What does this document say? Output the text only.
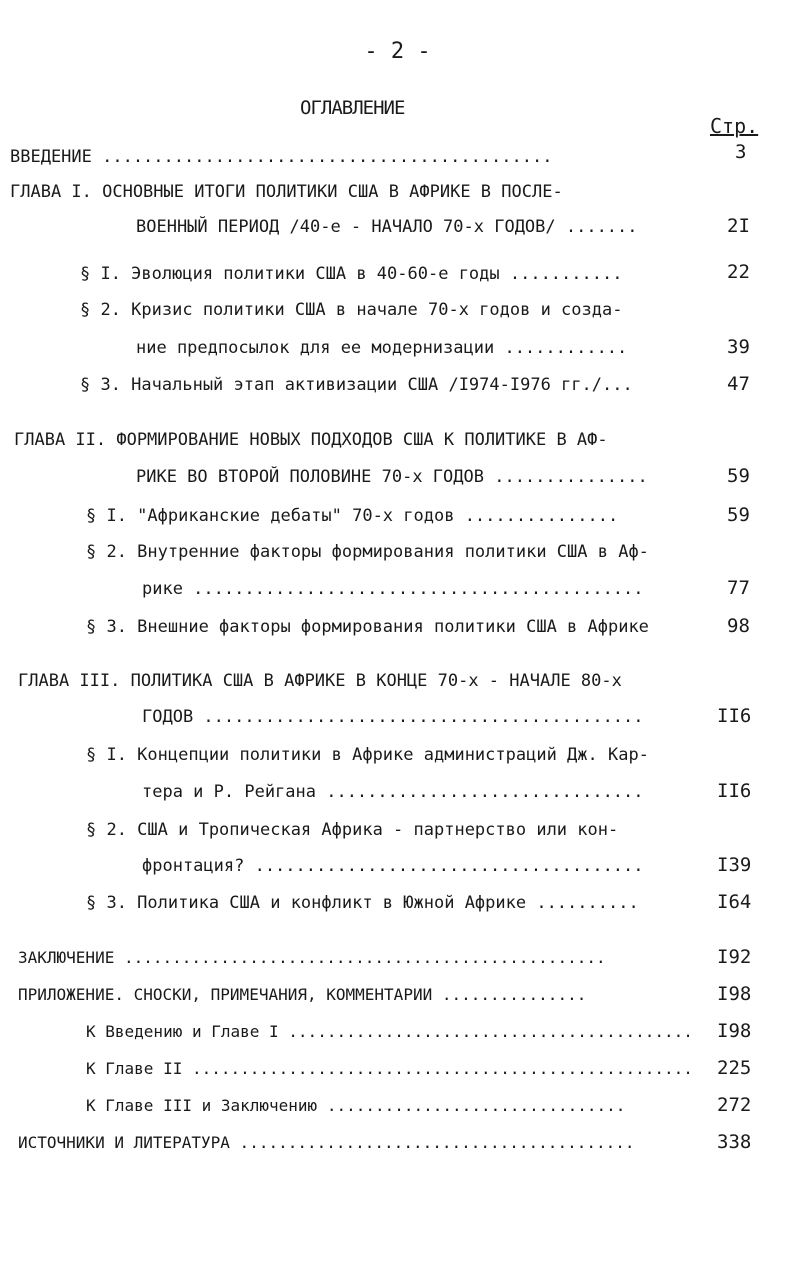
- 2 -
ОГЛАВЛЕНИЕ
Стр.
ВВЕДЕНИЕ ............................................	3
ГЛАВА I. ОСНОВНЫЕ ИТОГИ ПОЛИТИКИ США В АФРИКЕ В ПОСЛЕ-
ВОЕННЫЙ ПЕРИОД /40-е - НАЧАЛО 70-х ГОДОВ/ .......	2I
§ I. Эволюция политики США в 40-60-е годы ...........	22
§ 2. Кризис политики США в начале 70-х годов и созда-
ние предпосылок для ее модернизации ............	39
§ 3. Начальный этап активизации США /I974-I976 гг./...	47
ГЛАВА II. ФОРМИРОВАНИЕ НОВЫХ ПОДХОДОВ США К ПОЛИТИКЕ В АФ-
РИКЕ ВО ВТОРОЙ ПОЛОВИНЕ 70-х ГОДОВ ...............	59
§ I. "Африканские дебаты" 70-х годов ...............	59
§ 2. Внутренние факторы формирования политики США в Аф-
рике ............................................	77
§ 3. Внешние факторы формирования политики США в Африке	98
ГЛАВА III. ПОЛИТИКА США В АФРИКЕ В КОНЦЕ 70-х - НАЧАЛЕ 80-х
ГОДОВ ...........................................	II6
§ I. Концепции политики в Африке администраций Дж. Кар-
тера и Р. Рейгана ...............................	II6
§ 2. США и Тропическая Африка - партнерство или кон-
фронтация? ......................................	I39
§ 3. Политика США и конфликт в Южной Африке ..........	I64
ЗАКЛЮЧЕНИЕ ..................................................	I92
ПРИЛОЖЕНИЕ. СНОСКИ, ПРИМЕЧАНИЯ, КОММЕНТАРИИ ...............	I98
К Введению и Главе I .......................................... I98
К Главе II .................................................... 225
К Главе III и Заключению ...............................	272
ИСТОЧНИКИ И ЛИТЕРАТУРА .........................................	338
